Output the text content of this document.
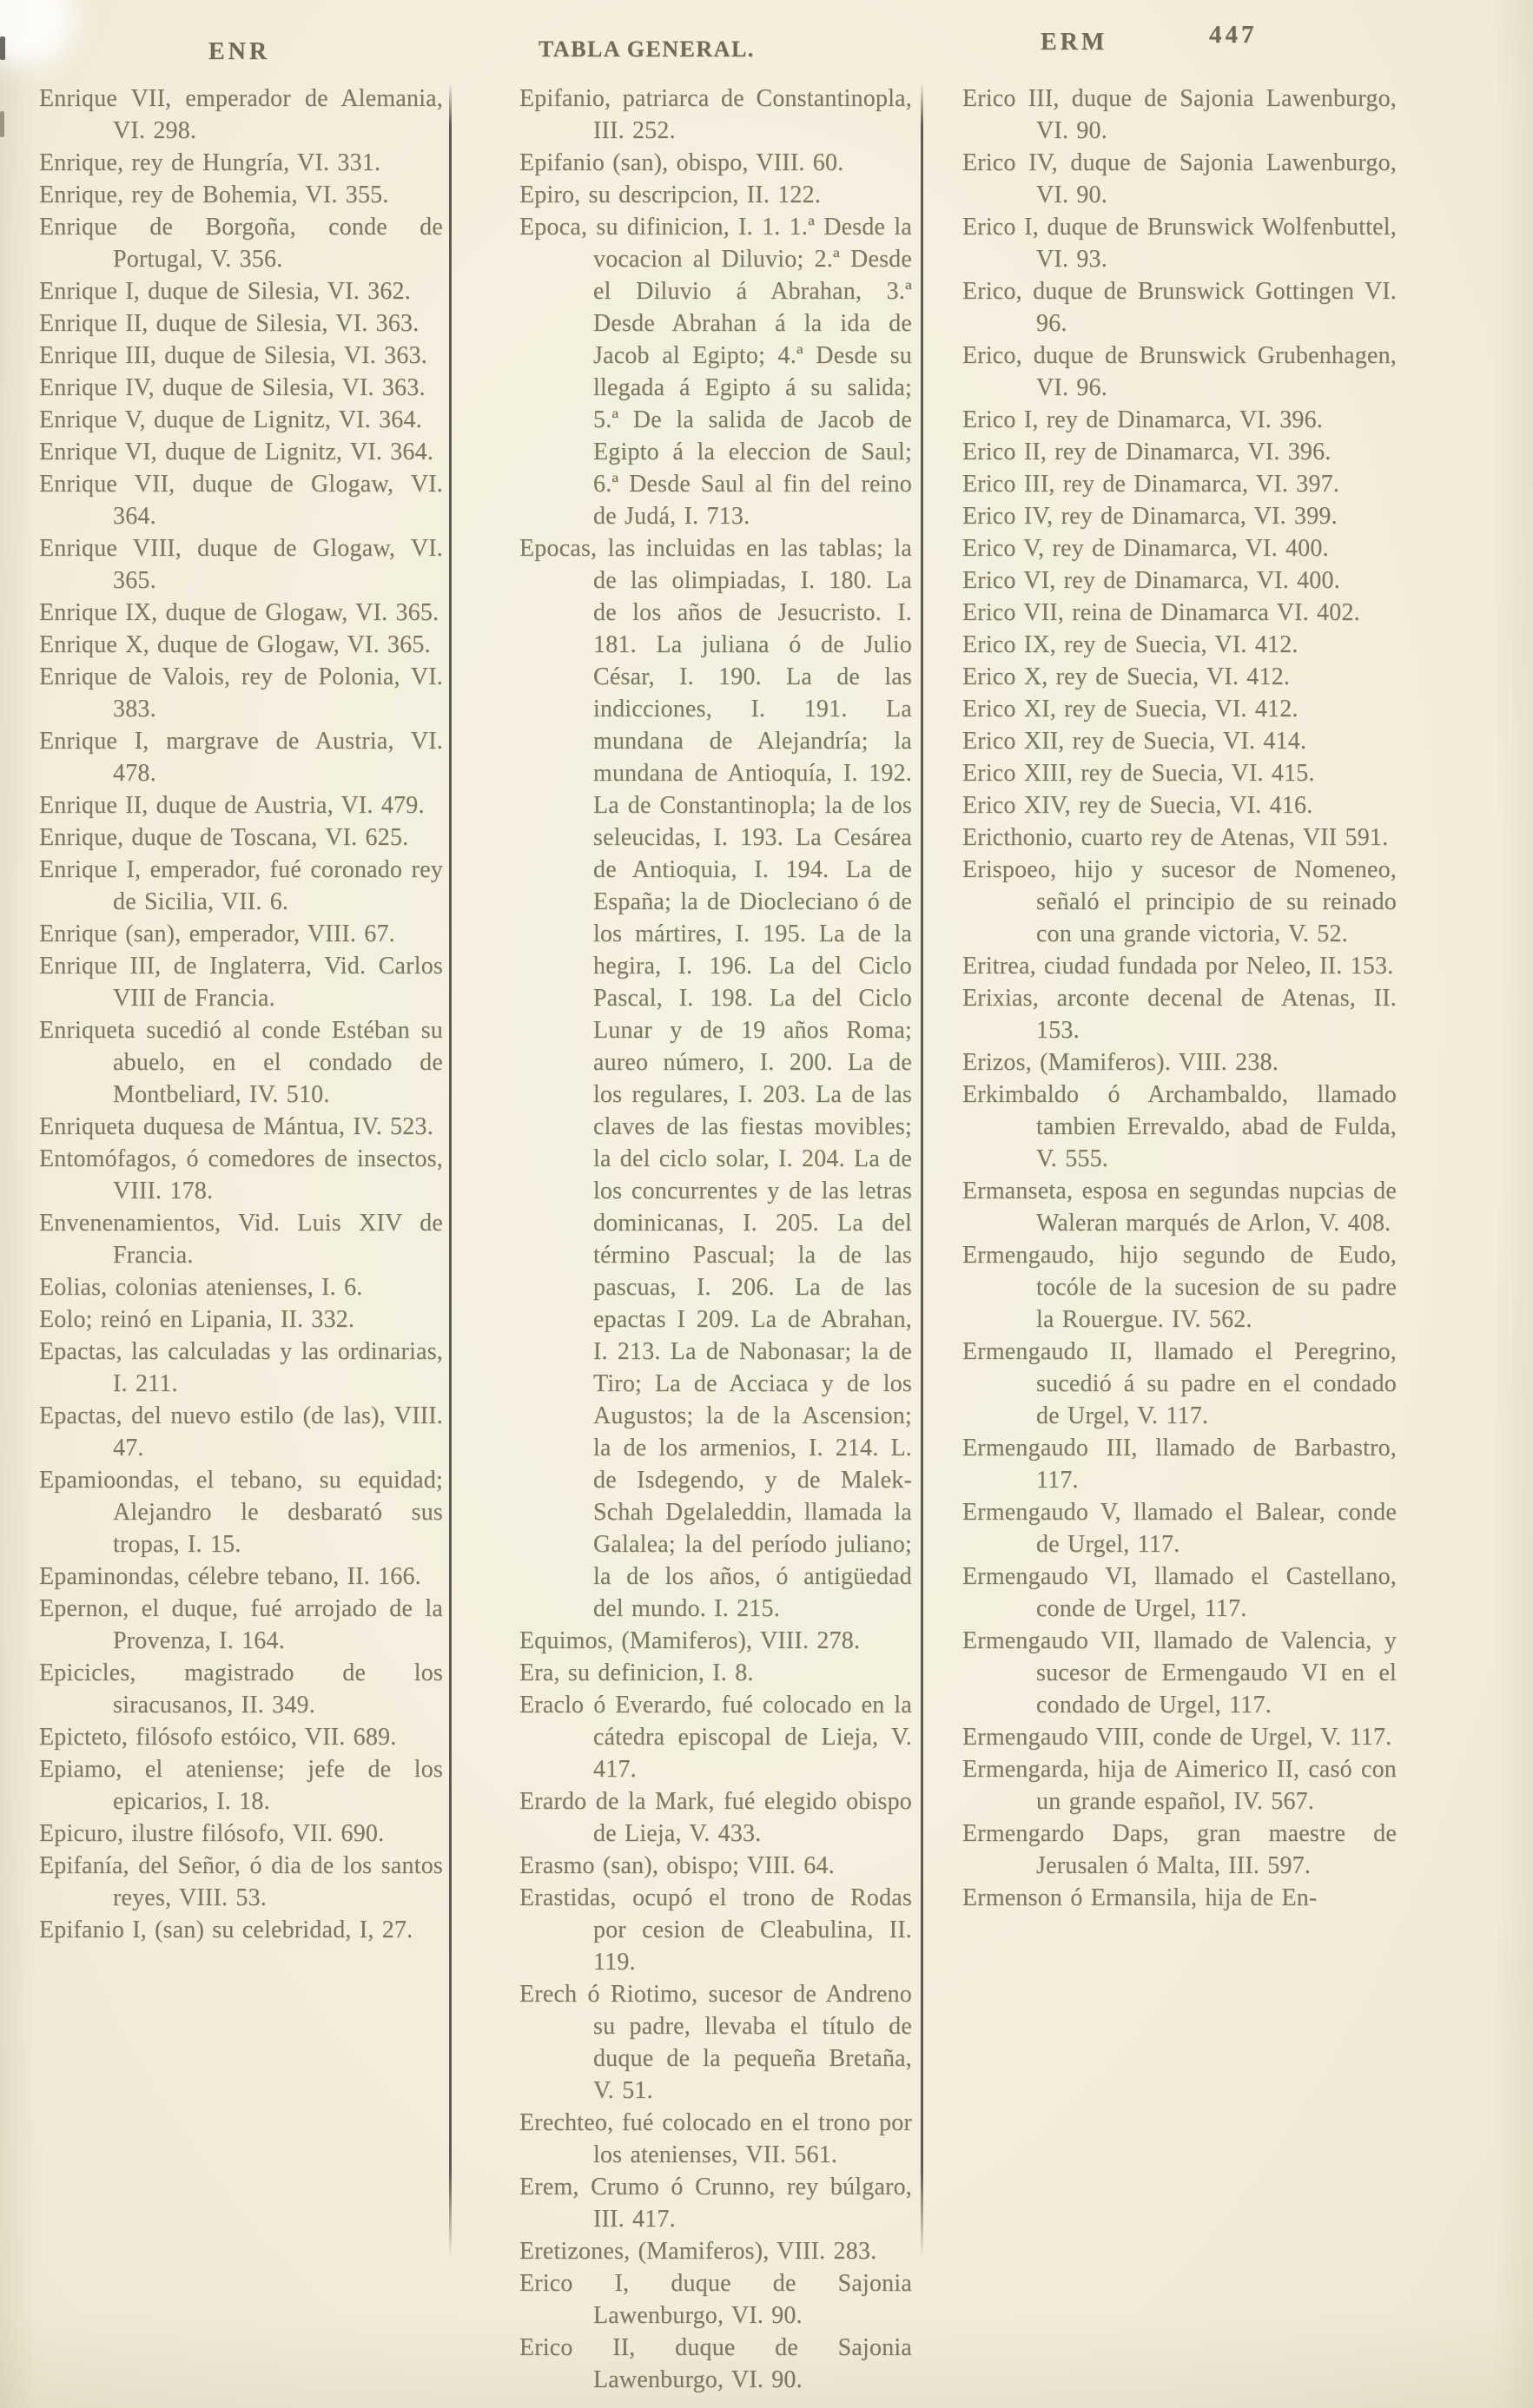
ENR	TABLA GENERAL.	ERM	447

Enrique VII, emperador de Alemania, VI. 298.

Enrique, rey de Hungría, VI. 331.

Enrique, rey de Bohemia, VI. 355.

Enrique de Borgoña, conde de Portugal, V. 356.

Enrique I, duque de Silesia, VI. 362.

Enrique II, duque de Silesia, VI. 363.

Enrique III, duque de Silesia, VI. 363.

Enrique IV, duque de Silesia, VI. 363.

Enrique V, duque de Lignitz, VI. 364.

Enrique VI, duque de Lignitz, VI. 364.

Enrique VII, duque de Glogaw, VI. 364.

Enrique VIII, duque de Glogaw, VI. 365.

Enrique IX, duque de Glogaw, VI. 365.

Enrique X, duque de Glogaw, VI. 365.

Enrique de Valois, rey de Polonia, VI. 383.

Enrique I, margrave de Austria, VI. 478.

Enrique II, duque de Austria, VI. 479.

Enrique, duque de Toscana, VI. 625.

Enrique I, emperador, fué coronado rey de Sicilia, VII. 6.

Enrique (san), emperador, VIII. 67.

Enrique III, de Inglaterra, Vid. Carlos VIII de Francia.

Enriqueta sucedió al conde Estéban su abuelo, en el condado de Montbeliard, IV. 510.

Enriqueta duquesa de Mántua, IV. 523.

Entomófagos, ó comedores de insectos, VIII. 178.

Envenenamientos, Vid. Luis XIV de Francia.

Eolias, colonias atenienses, I. 6.

Eolo; reinó en Lipania, II. 332.

Epactas, las calculadas y las ordinarias, I. 211.

Epactas, del nuevo estilo (de las), VIII. 47.

Epamioondas, el tebano, su equidad; Alejandro le desbarató sus tropas, I. 15.

Epaminondas, célebre tebano, II. 166.

Epernon, el duque, fué arrojado de la Provenza, I. 164.

Epicicles, magistrado de los siracusanos, II. 349.

Epicteto, filósofo estóico, VII. 689.

Epiamo, el ateniense; jefe de los epicarios, I. 18.

Epicuro, ilustre filósofo, VII. 690.

Epifanía, del Señor, ó dia de los santos reyes, VIII. 53.

Epifanio I, (san) su celebridad, I, 27.

Epifanio, patriarca de Constantinopla, III. 252.

Epifanio (san), obispo, VIII. 60.

Epiro, su descripcion, II. 122.

Epoca, su difinicion, I. 1. 1.ª Desde la vocacion al Diluvio; 2.ª Desde el Diluvio á Abrahan, 3.ª Desde Abrahan á la ida de Jacob al Egipto; 4.ª Desde su llegada á Egipto á su salida; 5.ª De la salida de Jacob de Egipto á la eleccion de Saul; 6.ª Desde Saul al fin del reino de Judá, I. 713.

Epocas, las incluidas en las tablas; la de las olimpiadas, I. 180. La de los años de Jesucristo. I. 181. La juliana ó de Julio César, I. 190. La de las indicciones, I. 191. La mundana de Alejandría; la mundana de Antioquía, I. 192. La de Constantinopla; la de los seleucidas, I. 193. La Cesárea de Antioquia, I. 194. La de España; la de Diocleciano ó de los mártires, I. 195. La de la hegira, I. 196. La del Ciclo Pascal, I. 198. La del Ciclo Lunar y de 19 años Roma; aureo número, I. 200. La de los regulares, I. 203. La de las claves de las fiestas movibles; la del ciclo solar, I. 204. La de los concurrentes y de las letras dominicanas, I. 205. La del término Pascual; la de las pascuas, I. 206. La de las epactas I 209. La de Abrahan, I. 213. La de Nabonasar; la de Tiro; La de Acciaca y de los Augustos; la de la Ascension; la de los armenios, I. 214. L. de Isdegendo, y de Malek-Schah Dgelaleddin, llamada la Galalea; la del período juliano; la de los años, ó antigüedad del mundo. I. 215.

Equimos, (Mamiferos), VIII. 278.

Era, su definicion, I. 8.

Eraclo ó Everardo, fué colocado en la cátedra episcopal de Lieja, V. 417.

Erardo de la Mark, fué elegido obispo de Lieja, V. 433.

Erasmo (san), obispo; VIII. 64.

Erastidas, ocupó el trono de Rodas por cesion de Cleabulina, II. 119.

Erech ó Riotimo, sucesor de Andreno su padre, llevaba el título de duque de la pequeña Bretaña, V. 51.

Erechteo, fué colocado en el trono por los atenienses, VII. 561.

Erem, Crumo ó Crunno, rey búlgaro, III. 417.

Eretizones, (Mamiferos), VIII. 283.

Erico I, duque de Sajonia Lawenburgo, VI. 90.

Erico II, duque de Sajonia Lawenburgo, VI. 90.

Erico III, duque de Sajonia Lawenburgo, VI. 90.

Erico IV, duque de Sajonia Lawenburgo, VI. 90.

Erico I, duque de Brunswick Wolfenbuttel, VI. 93.

Erico, duque de Brunswick Gottingen VI. 96.

Erico, duque de Brunswick Grubenhagen, VI. 96.

Erico I, rey de Dinamarca, VI. 396.

Erico II, rey de Dinamarca, VI. 396.

Erico III, rey de Dinamarca, VI. 397.

Erico IV, rey de Dinamarca, VI. 399.

Erico V, rey de Dinamarca, VI. 400.

Erico VI, rey de Dinamarca, VI. 400.

Erico VII, reina de Dinamarca VI. 402.

Erico IX, rey de Suecia, VI. 412.

Erico X, rey de Suecia, VI. 412.

Erico XI, rey de Suecia, VI. 412.

Erico XII, rey de Suecia, VI. 414.

Erico XIII, rey de Suecia, VI. 415.

Erico XIV, rey de Suecia, VI. 416.

Ericthonio, cuarto rey de Atenas, VII 591.

Erispoeo, hijo y sucesor de Nomeneo, señaló el principio de su reinado con una grande victoria, V. 52.

Eritrea, ciudad fundada por Neleo, II. 153.

Erixias, arconte decenal de Atenas, II. 153.

Erizos, (Mamiferos). VIII. 238.

Erkimbaldo ó Archambaldo, llamado tambien Errevaldo, abad de Fulda, V. 555.

Ermanseta, esposa en segundas nupcias de Waleran marqués de Arlon, V. 408.

Ermengaudo, hijo segundo de Eudo, tocóle de la sucesion de su padre la Rouergue. IV. 562.

Ermengaudo II, llamado el Peregrino, sucedió á su padre en el condado de Urgel, V. 117.

Ermengaudo III, llamado de Barbastro, 117.

Ermengaudo V, llamado el Balear, conde de Urgel, 117.

Ermengaudo VI, llamado el Castellano, conde de Urgel, 117.

Ermengaudo VII, llamado de Valencia, y sucesor de Ermengaudo VI en el condado de Urgel, 117.

Ermengaudo VIII, conde de Urgel, V. 117.

Ermengarda, hija de Aimerico II, casó con un grande español, IV. 567.

Ermengardo Daps, gran maestre de Jerusalen ó Malta, III. 597.

Ermenson ó Ermansila, hija de En-
